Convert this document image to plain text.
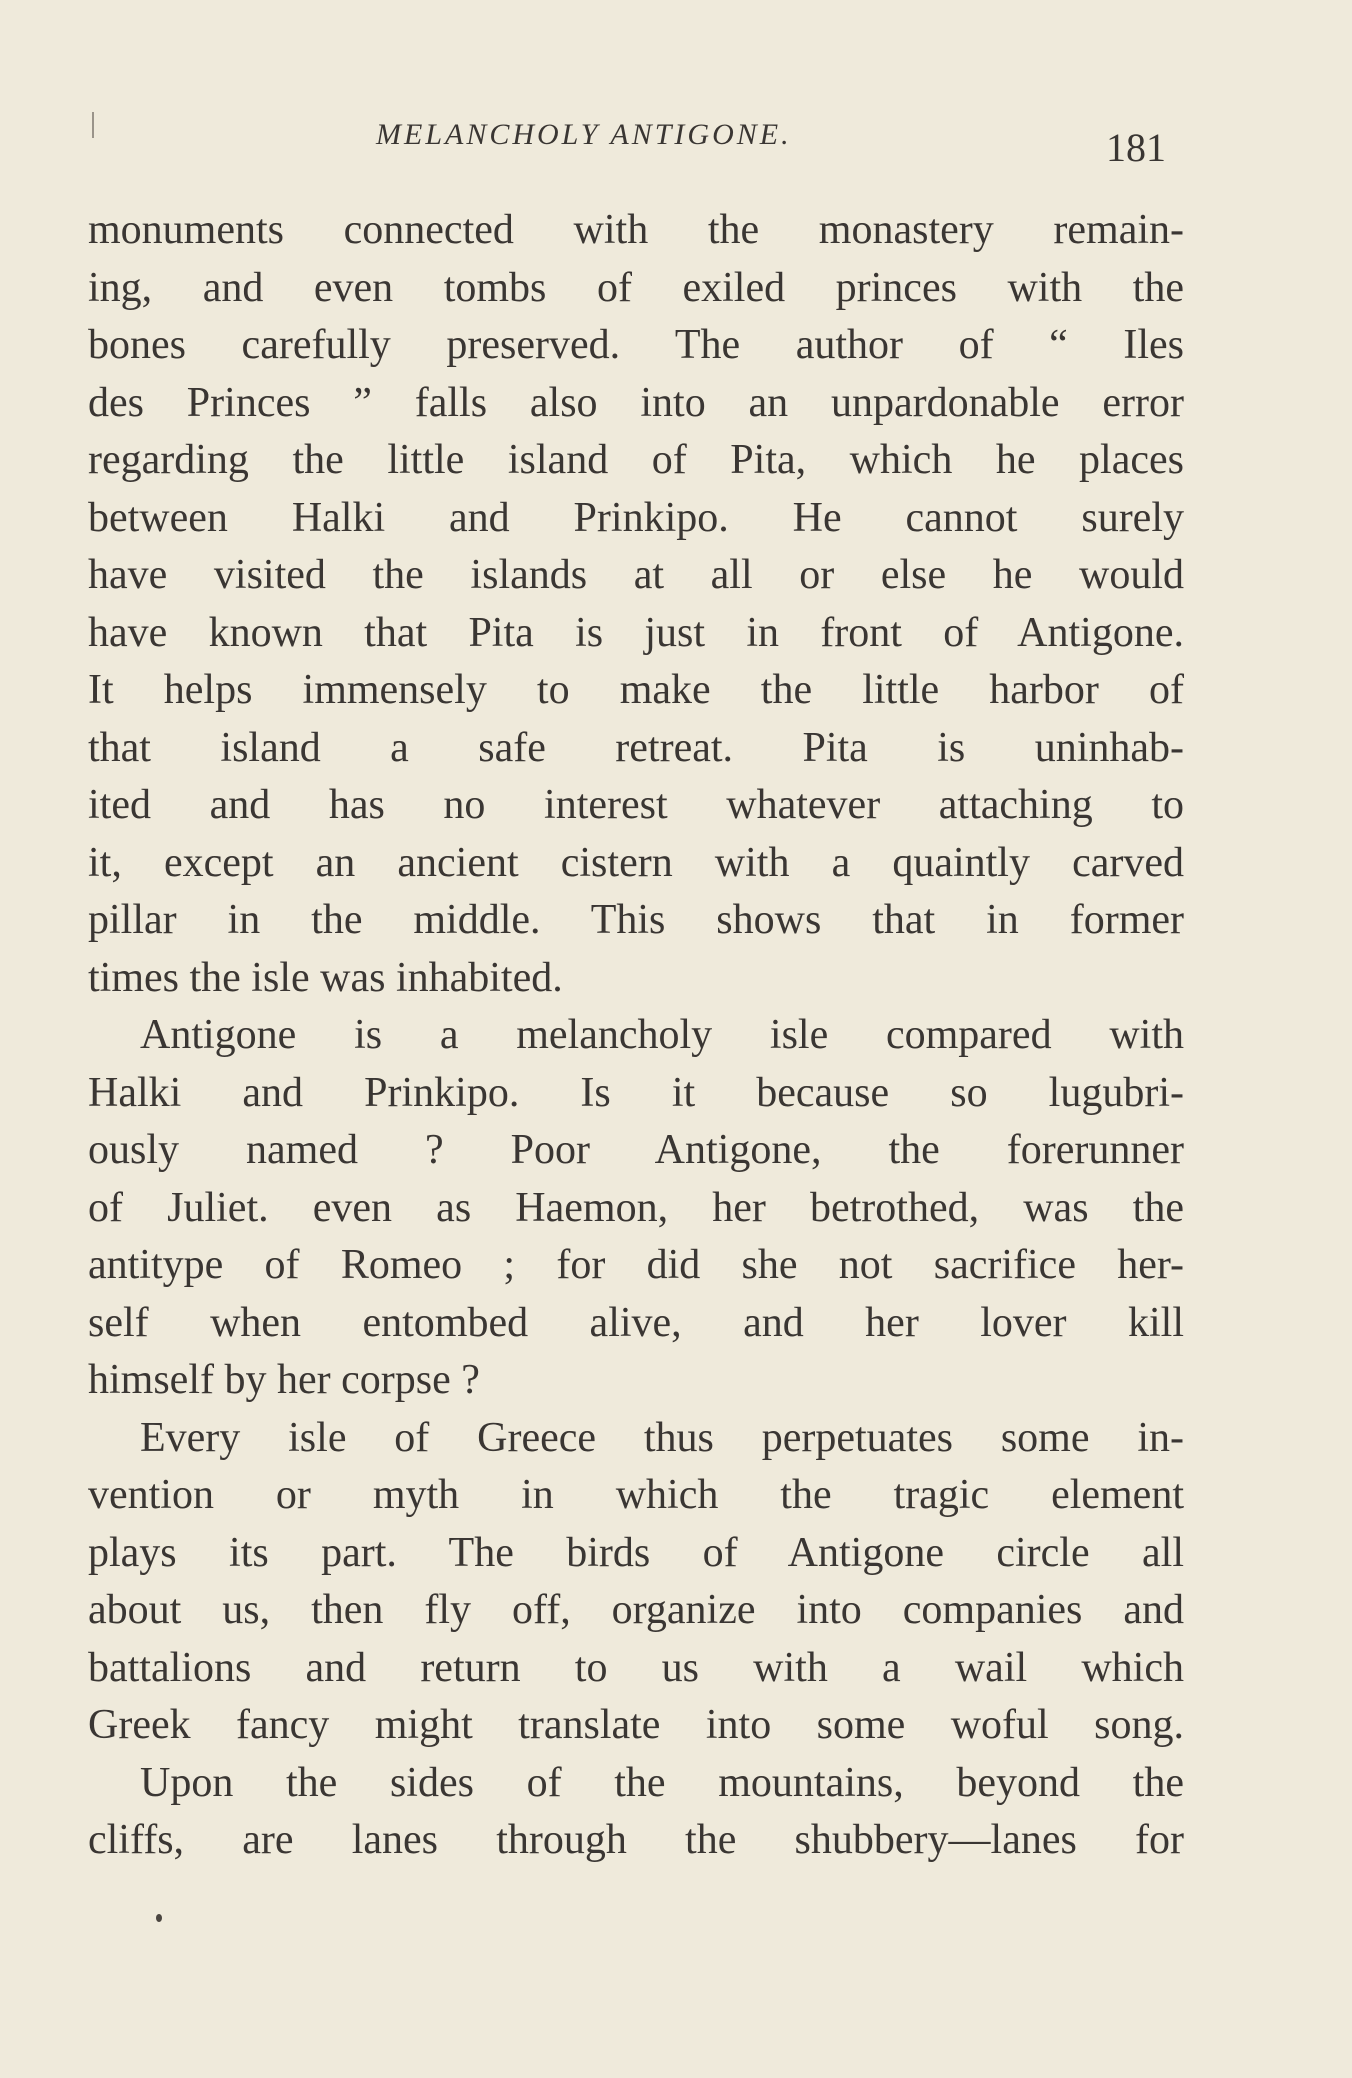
MELANCHOLY ANTIGONE.	181
monuments connected with the monastery remain-
ing, and even tombs of exiled princes with the
bones carefully preserved. The author of “ Iles
des Princes ” falls also into an unpardonable error
regarding the little island of Pita, which he places
between Halki and Prinkipo. He cannot surely
have visited the islands at all or else he would
have known that Pita is just in front of Antigone.
It helps immensely to make the little harbor of
that island a safe retreat. Pita is uninhab-
ited and has no interest whatever attaching to
it, except an ancient cistern with a quaintly carved
pillar in the middle. This shows that in former
times the isle was inhabited.
Antigone is a melancholy isle compared with
Halki and Prinkipo. Is it because so lugubri-
ously named ? Poor Antigone, the forerunner
of Juliet. even as Haemon, her betrothed, was the
antitype of Romeo ; for did she not sacrifice her-
self when entombed alive, and her lover kill
himself by her corpse ?
Every isle of Greece thus perpetuates some in-
vention or myth in which the tragic element
plays its part. The birds of Antigone circle all
about us, then fly off, organize into companies and
battalions and return to us with a wail which
Greek fancy might translate into some woful song.
Upon the sides of the mountains, beyond the
cliffs, are lanes through the shubbery—lanes for
